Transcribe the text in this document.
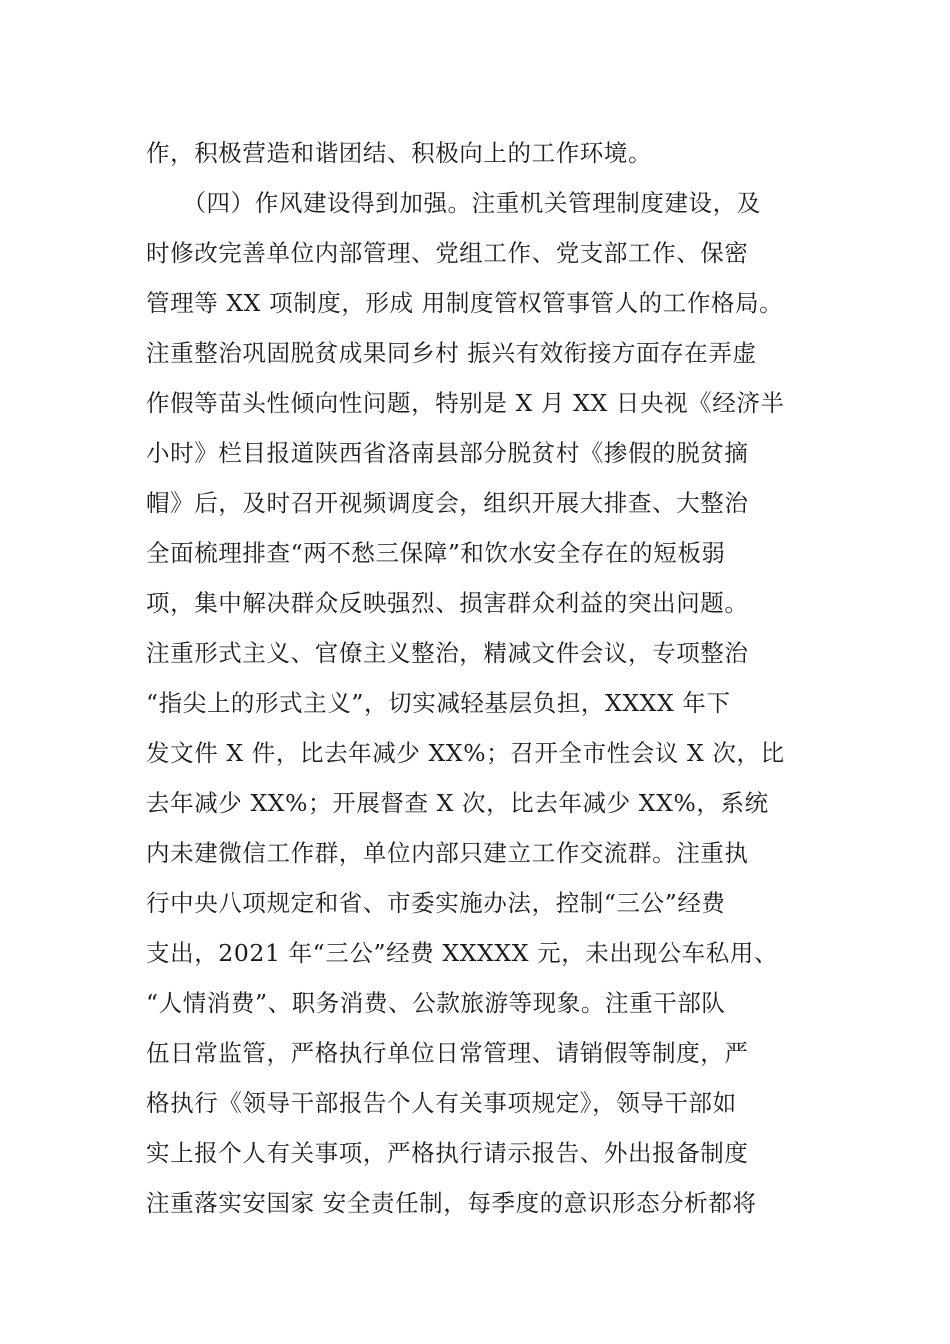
作，积极营造和谐团结、积极向上的工作环境。
　　（四）作风建设得到加强。注重机关管理制度建设，及
时修改完善单位内部管理、党组工作、党支部工作、保密
管理等 XX 项制度，形成 用制度管权管事管人的工作格局。
注重整治巩固脱贫成果同乡村 振兴有效衔接方面存在弄虚
作假等苗头性倾向性问题，特别是 X 月 XX 日央视《经济半
小时》栏目报道陕西省洛南县部分脱贫村《掺假的脱贫摘
帽》后，及时召开视频调度会，组织开展大排查、大整治
全面梳理排查“两不愁三保障”和饮水安全存在的短板弱
项，集中解决群众反映强烈、损害群众利益的突出问题。
注重形式主义、官僚主义整治，精减文件会议，专项整治
“指尖上的形式主义”，切实减轻基层负担，XXXX 年下
发文件 X 件，比去年减少 XX%；召开全市性会议 X 次，比
去年减少 XX%；开展督查 X 次，比去年减少 XX%，系统
内未建微信工作群，单位内部只建立工作交流群。注重执
行中央八项规定和省、市委实施办法，控制“三公”经费
支出，2021 年“三公”经费 XXXXX 元，未出现公车私用、
“人情消费”、职务消费、公款旅游等现象。注重干部队
伍日常监管，严格执行单位日常管理、请销假等制度，严
格执行《领导干部报告个人有关事项规定》，领导干部如
实上报个人有关事项，严格执行请示报告、外出报备制度
注重落实安国家 安全责任制，每季度的意识形态分析都将
